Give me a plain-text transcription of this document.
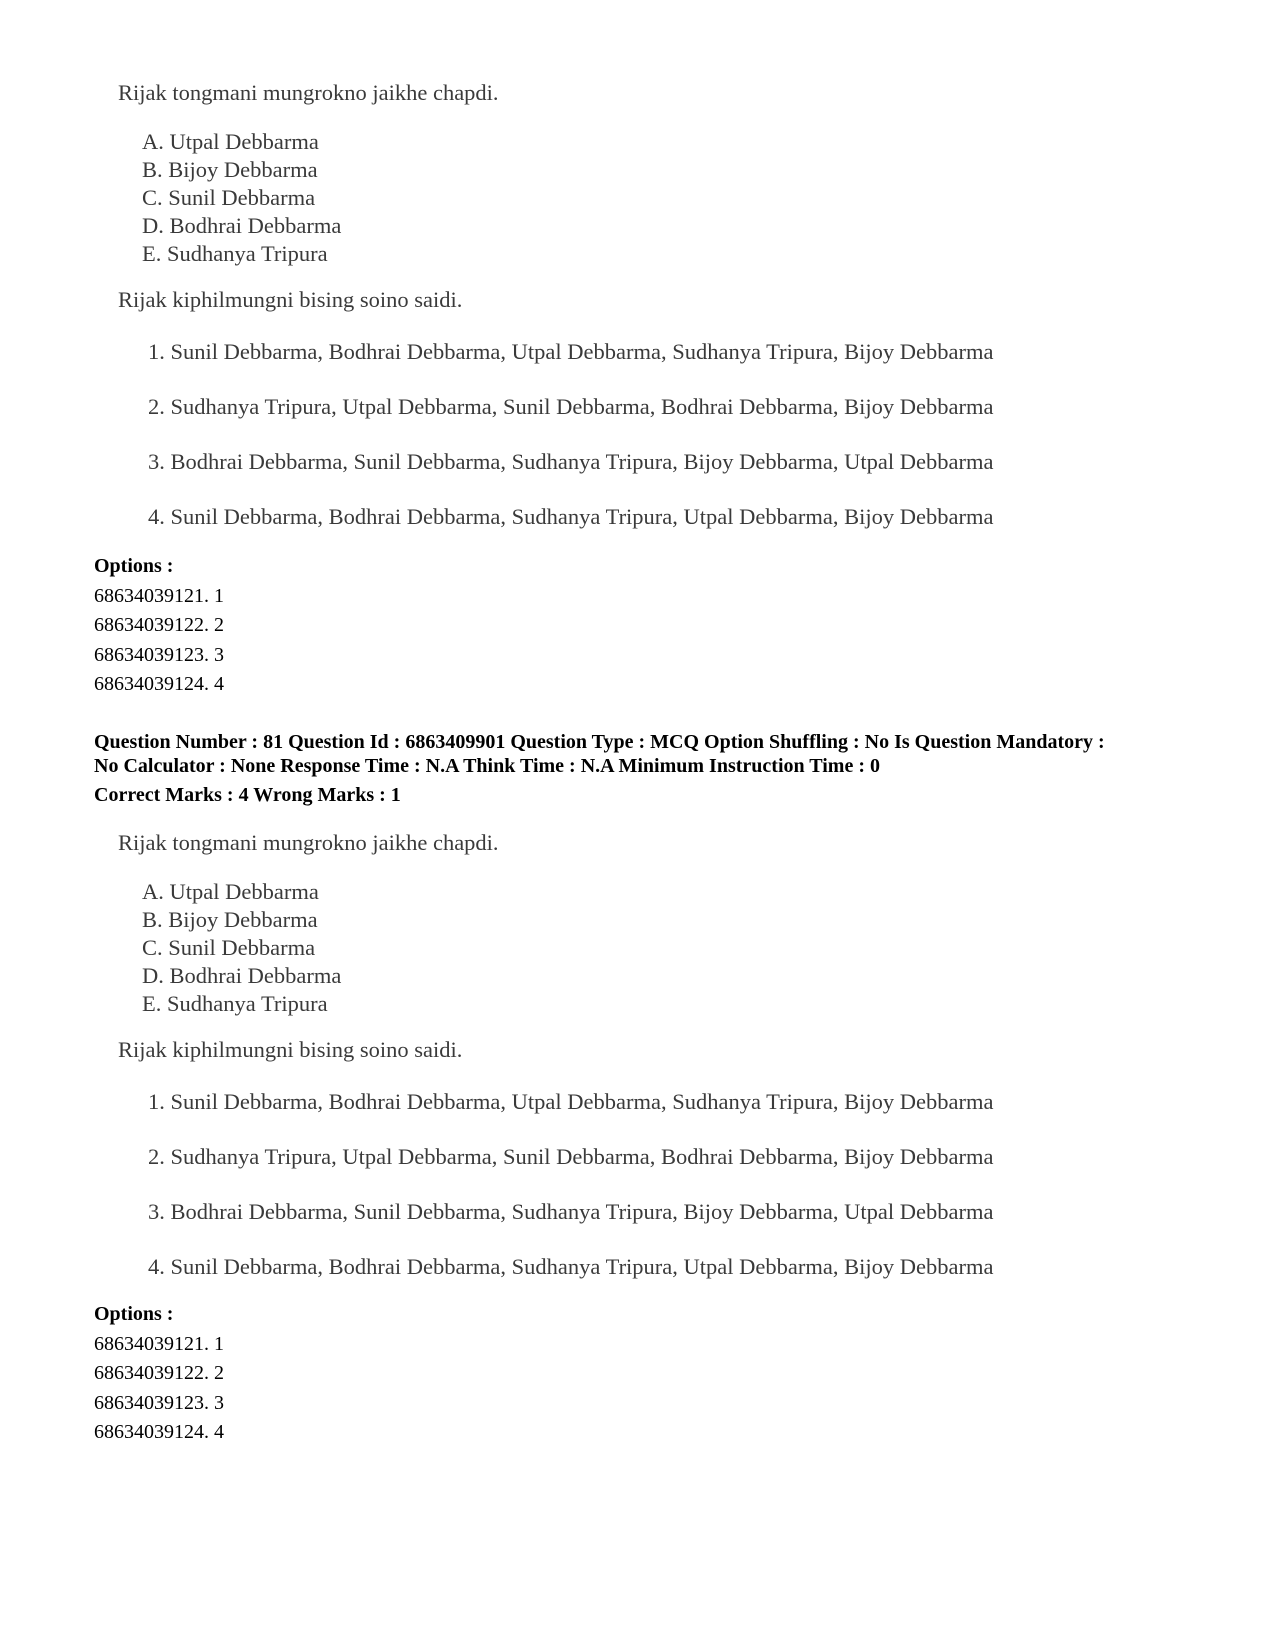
Rijak tongmani mungrokno jaikhe chapdi.
A. Utpal Debbarma
B. Bijoy Debbarma
C. Sunil Debbarma
D. Bodhrai Debbarma
E. Sudhanya Tripura
Rijak kiphilmungni bising soino saidi.
1. Sunil Debbarma, Bodhrai Debbarma, Utpal Debbarma, Sudhanya Tripura, Bijoy Debbarma
2. Sudhanya Tripura, Utpal Debbarma, Sunil Debbarma, Bodhrai Debbarma, Bijoy Debbarma
3. Bodhrai Debbarma, Sunil Debbarma, Sudhanya Tripura, Bijoy Debbarma, Utpal Debbarma
4. Sunil Debbarma, Bodhrai Debbarma, Sudhanya Tripura, Utpal Debbarma, Bijoy Debbarma
Options :
68634039121. 1
68634039122. 2
68634039123. 3
68634039124. 4
Question Number : 81 Question Id : 6863409901 Question Type : MCQ Option Shuffling : No Is Question Mandatory :
No Calculator : None Response Time : N.A Think Time : N.A Minimum Instruction Time : 0
Correct Marks : 4 Wrong Marks : 1
Rijak tongmani mungrokno jaikhe chapdi.
A. Utpal Debbarma
B. Bijoy Debbarma
C. Sunil Debbarma
D. Bodhrai Debbarma
E. Sudhanya Tripura
Rijak kiphilmungni bising soino saidi.
1. Sunil Debbarma, Bodhrai Debbarma, Utpal Debbarma, Sudhanya Tripura, Bijoy Debbarma
2. Sudhanya Tripura, Utpal Debbarma, Sunil Debbarma, Bodhrai Debbarma, Bijoy Debbarma
3. Bodhrai Debbarma, Sunil Debbarma, Sudhanya Tripura, Bijoy Debbarma, Utpal Debbarma
4. Sunil Debbarma, Bodhrai Debbarma, Sudhanya Tripura, Utpal Debbarma, Bijoy Debbarma
Options :
68634039121. 1
68634039122. 2
68634039123. 3
68634039124. 4
